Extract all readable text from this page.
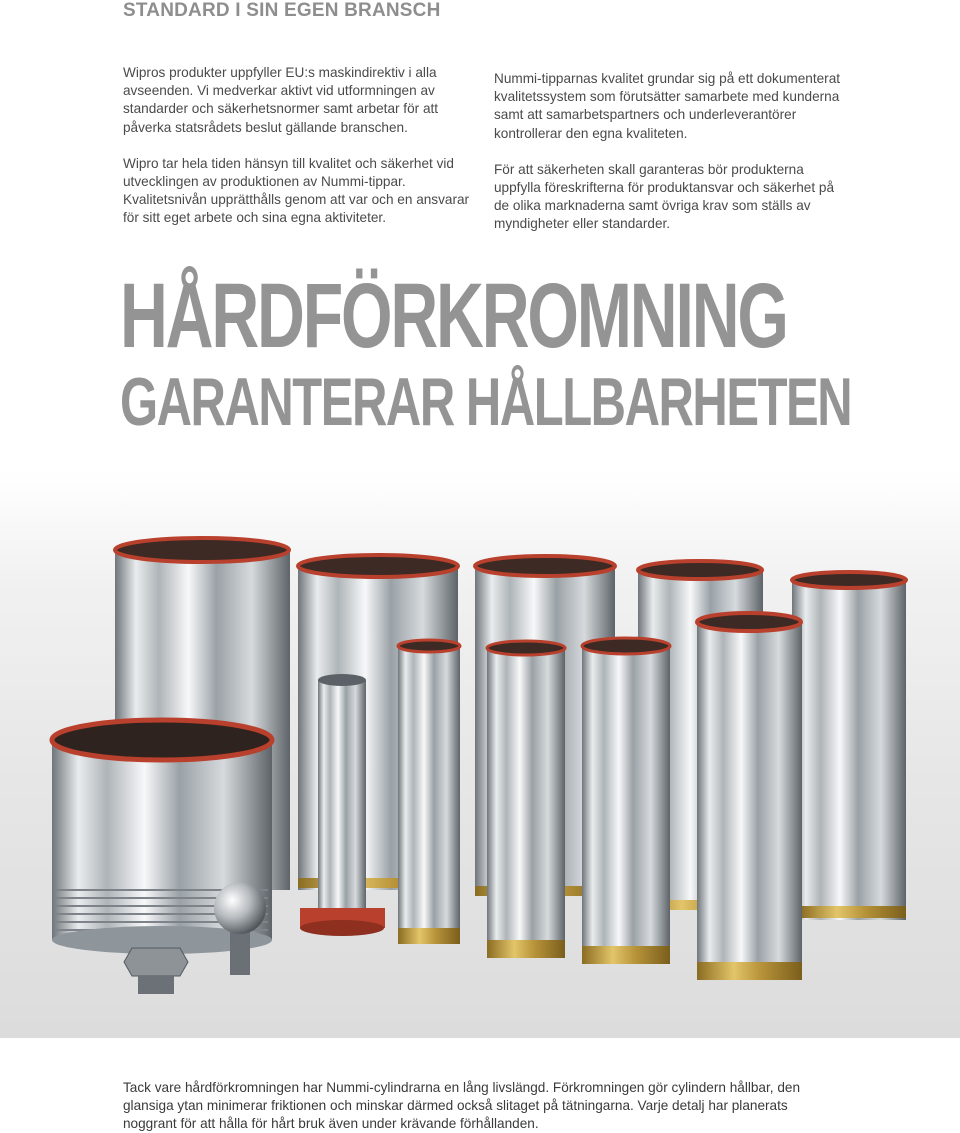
STANDARD I SIN EGEN BRANSCH

Wipros produkter uppfyller EU:s maskindirektiv i alla avseenden. Vi medverkar aktivt vid utformningen av standarder och säkerhetsnormer samt arbetar för att påverka statsrådets beslut gällande branschen.

Wipro tar hela tiden hänsyn till kvalitet och säkerhet vid utvecklingen av produktionen av Nummi-tippar. Kvalitetsnivån upprätthålls genom att var och en ansvarar för sitt eget arbete och sina egna aktiviteter.

Nummi-tipparnas kvalitet grundar sig på ett dokumenterat kvalitetssystem som förutsätter samarbete med kunderna samt att samarbetspartners och underleverantörer kontrollerar den egna kvaliteten.

För att säkerheten skall garanteras bör produkterna uppfylla föreskrifterna för produktansvar och säkerhet på de olika marknaderna samt övriga krav som ställs av myndigheter eller standarder.

HÅRDFÖRKROMNING
GARANTERAR HÅLLBARHETEN

Tack vare hårdförkromningen har Nummi-cylindrarna en lång livslängd. Förkromningen gör cylindern hållbar, den glansiga ytan minimerar friktionen och minskar därmed också slitaget på tätningarna. Varje detalj har planerats noggrant för att hålla för hårt bruk även under krävande förhållanden.
